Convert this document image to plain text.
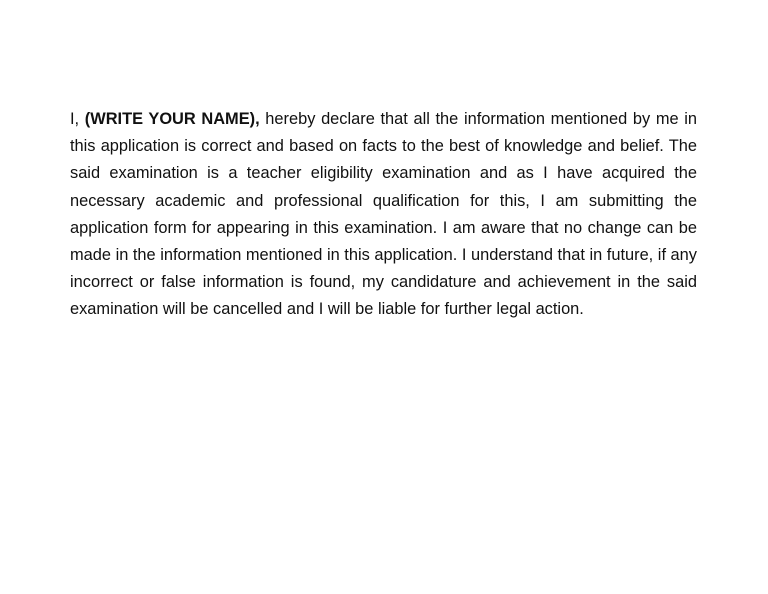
I, (WRITE YOUR NAME), hereby declare that all the information mentioned by me in this application is correct and based on facts to the best of knowledge and belief. The said examination is a teacher eligibility examination and as I have acquired the necessary academic and professional qualification for this, I am submitting the application form for appearing in this examination. I am aware that no change can be made in the information mentioned in this application. I understand that in future, if any incorrect or false information is found, my candidature and achievement in the said examination will be cancelled and I will be liable for further legal action.
